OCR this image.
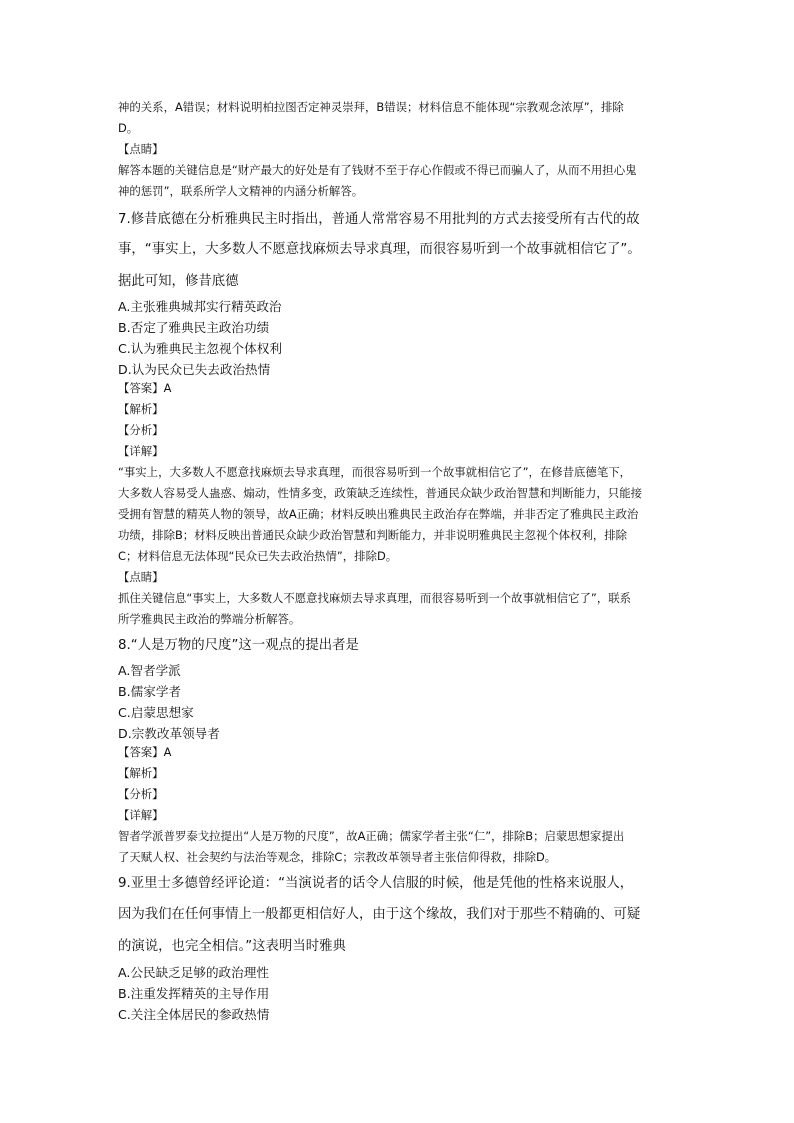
神的关系，A错误；材料说明柏拉图否定神灵崇拜，B错误；材料信息不能体现“宗教观念浓厚”，排除
D。
【点睛】
解答本题的关键信息是“财产最大的好处是有了钱财不至于存心作假或不得已而骗人了，从而不用担心鬼
神的惩罚”，联系所学人文精神的内涵分析解答。
7.修昔底德在分析雅典民主时指出，普通人常常容易不用批判的方式去接受所有古代的故
事，“事实上，大多数人不愿意找麻烦去导求真理，而很容易听到一个故事就相信它了”。
据此可知，修昔底德
A.主张雅典城邦实行精英政治
B.否定了雅典民主政治功绩
C.认为雅典民主忽视个体权利
D.认为民众已失去政治热情
【答案】A
【解析】
【分析】
【详解】
“事实上，大多数人不愿意找麻烦去导求真理，而很容易听到一个故事就相信它了”，在修昔底德笔下，
大多数人容易受人蛊惑、煽动，性情多变，政策缺乏连续性，普通民众缺少政治智慧和判断能力，只能接
受拥有智慧的精英人物的领导，故A正确；材料反映出雅典民主政治存在弊端，并非否定了雅典民主政治
功绩，排除B；材料反映出普通民众缺少政治智慧和判断能力，并非说明雅典民主忽视个体权利，排除
C；材料信息无法体现“民众已失去政治热情”，排除D。
【点睛】
抓住关键信息“事实上，大多数人不愿意找麻烦去导求真理，而很容易听到一个故事就相信它了”，联系
所学雅典民主政治的弊端分析解答。
8.“人是万物的尺度”这一观点的提出者是
A.智者学派
B.儒家学者
C.启蒙思想家
D.宗教改革领导者
【答案】A
【解析】
【分析】
【详解】
智者学派普罗泰戈拉提出“人是万物的尺度”，故A正确；儒家学者主张“仁”，排除B；启蒙思想家提出
了天赋人权、社会契约与法治等观念，排除C；宗教改革领导者主张信仰得救，排除D。
9.亚里士多德曾经评论道：“当演说者的话令人信服的时候，他是凭他的性格来说服人，
因为我们在任何事情上一般都更相信好人，由于这个缘故，我们对于那些不精确的、可疑
的演说，也完全相信。”这表明当时雅典
A.公民缺乏足够的政治理性
B.注重发挥精英的主导作用
C.关注全体居民的参政热情
